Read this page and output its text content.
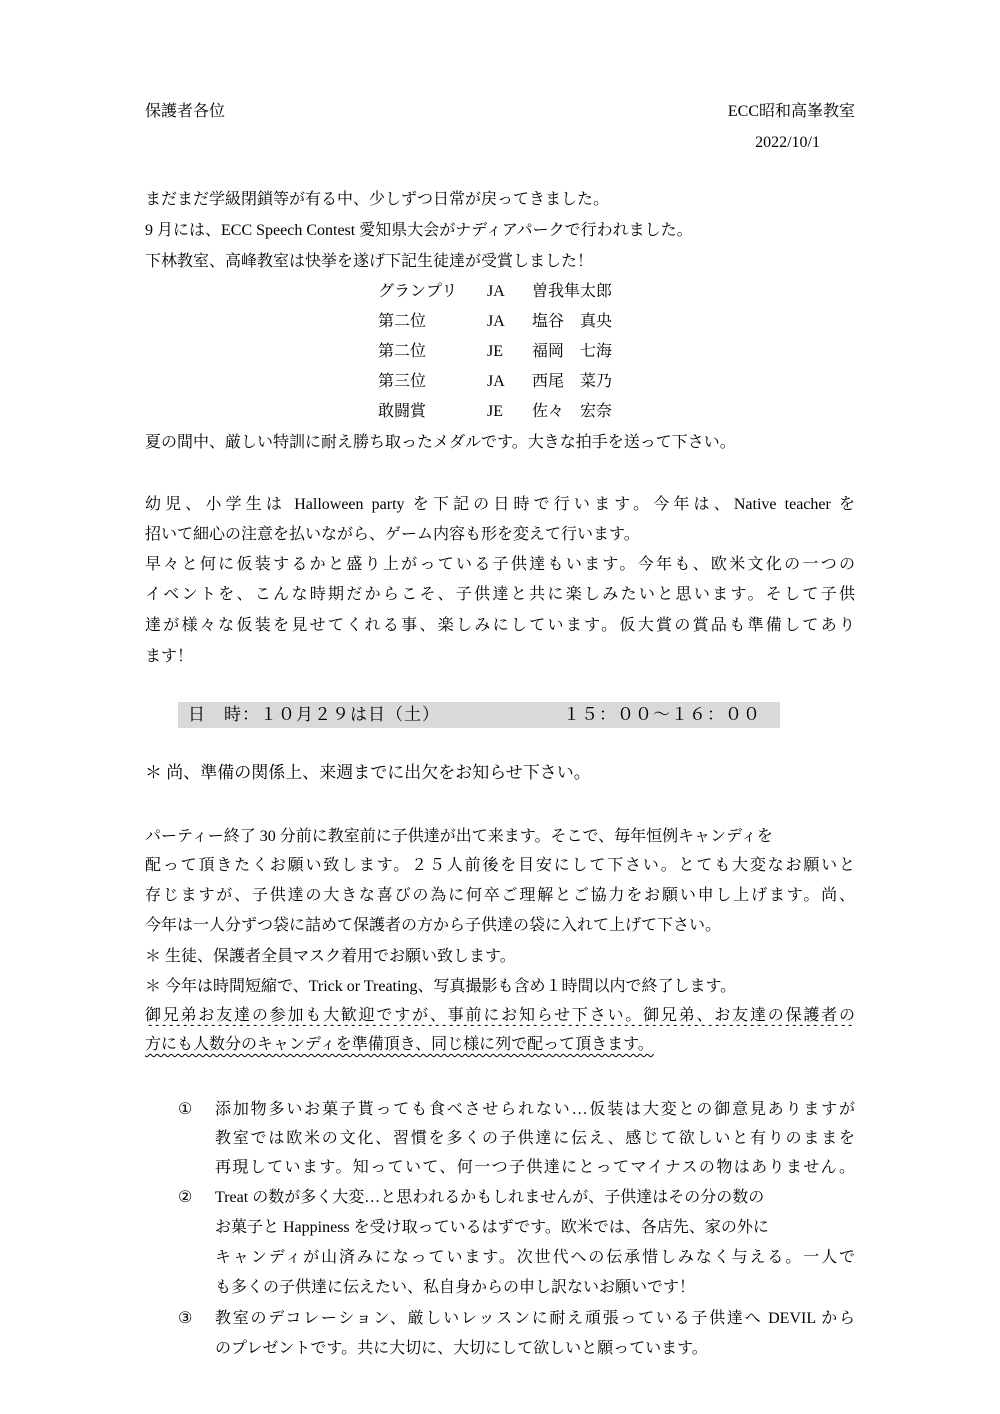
保護者各位	ECC昭和高峯教室
2022/10/1
まだまだ学級閉鎖等が有る中、少しずつ日常が戻ってきました。
9 月には、ECC Speech Contest 愛知県大会がナディアパークで行われました。
下林教室、高峰教室は快挙を遂げ下記生徒達が受賞しました！
グランプリ JA 曽我隼太郎
第二位	JA 塩谷　真央
第二位	JE 福岡　七海
第三位	JA 西尾　菜乃
敢闘賞	JE 佐々　宏奈
夏の間中、厳しい特訓に耐え勝ち取ったメダルです。大きな拍手を送って下さい。
幼児、小学生は Halloween party を下記の日時で行います。今年は、Native teacher を
招いて細心の注意を払いながら、ゲーム内容も形を変えて行います。
早々と何に仮装するかと盛り上がっている子供達もいます。今年も、欧米文化の一つの
イベントを、こんな時期だからこそ、子供達と共に楽しみたいと思います。そして子供
達が様々な仮装を見せてくれる事、楽しみにしています。仮大賞の賞品も準備してあり
ます！
日　時：１０月２９は日（土）	１５：００～１６：００
＊ 尚、準備の関係上、来週までに出欠をお知らせ下さい。
パーティー終了 30 分前に教室前に子供達が出て来ます。そこで、毎年恒例キャンディを
配って頂きたくお願い致します。２５人前後を目安にして下さい。とても大変なお願いと
存じますが、子供達の大きな喜びの為に何卒ご理解とご協力をお願い申し上げます。尚、
今年は一人分ずつ袋に詰めて保護者の方から子供達の袋に入れて上げて下さい。
＊ 生徒、保護者全員マスク着用でお願い致します。
＊ 今年は時間短縮で、Trick or Treating、写真撮影も含め１時間以内で終了します。
御兄弟お友達の参加も大歓迎ですが、事前にお知らせ下さい。御兄弟、お友達の保護者の
方にも人数分のキャンディを準備頂き、同じ様に列で配って頂きます。
① 添加物多いお菓子貰っても食べさせられない…仮装は大変との御意見ありますが
教室では欧米の文化、習慣を多くの子供達に伝え、感じて欲しいと有りのままを
再現しています。知っていて、何一つ子供達にとってマイナスの物はありません。
② Treat の数が多く大変…と思われるかもしれませんが、子供達はその分の数の
お菓子と Happiness を受け取っているはずです。欧米では、各店先、家の外に
キャンディが山済みになっています。次世代への伝承惜しみなく与える。一人で
も多くの子供達に伝えたい、私自身からの申し訳ないお願いです！
③ 教室のデコレーション、厳しいレッスンに耐え頑張っている子供達へ DEVIL から
のプレゼントです。共に大切に、大切にして欲しいと願っています。
